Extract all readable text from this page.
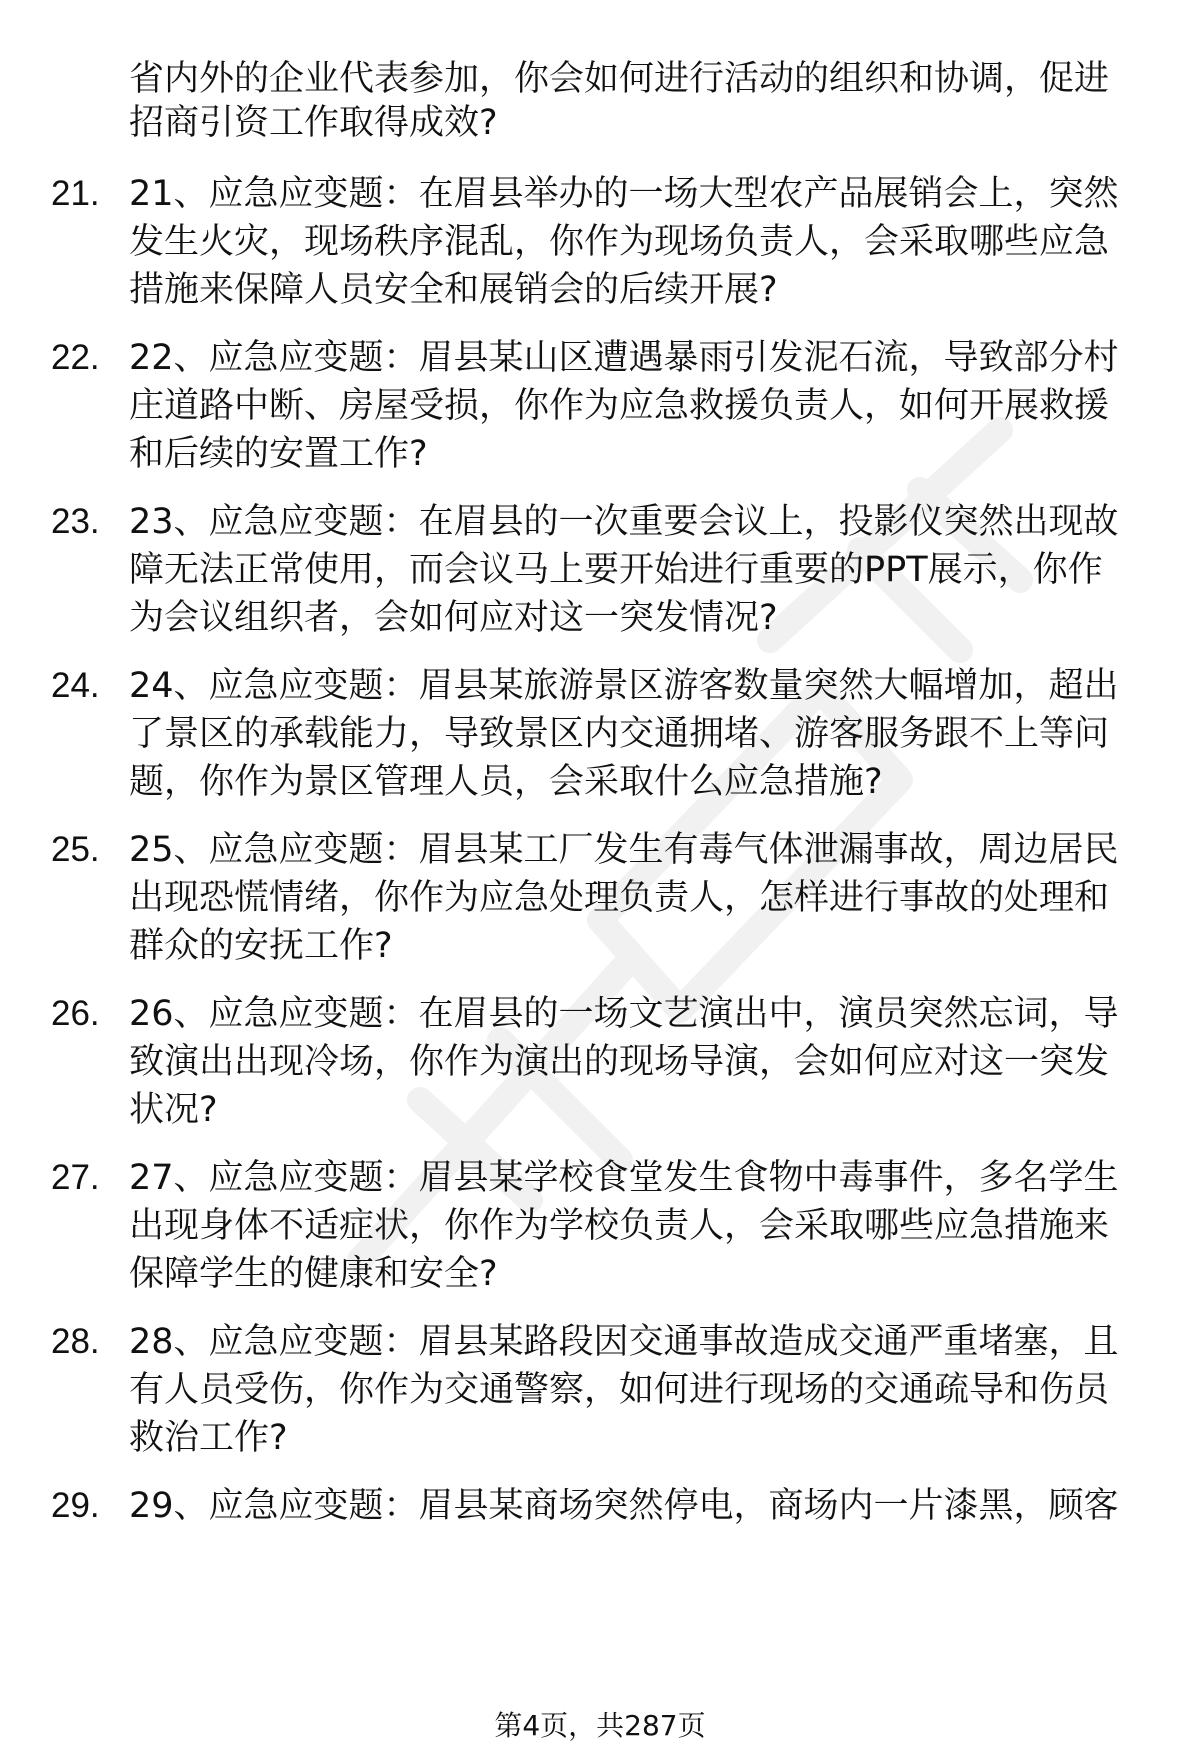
省内外的企业代表参加，你会如何进行活动的组织和协调，促进
招商引资工作取得成效?
21. 21、应急应变题：在眉县举办的一场大型农产品展销会上，突然
发生火灾，现场秩序混乱，你作为现场负责人，会采取哪些应急
措施来保障人员安全和展销会的后续开展?
22. 22、应急应变题：眉县某山区遭遇暴雨引发泥石流，导致部分村
庄道路中断、房屋受损，你作为应急救援负责人，如何开展救援
和后续的安置工作?
23. 23、应急应变题：在眉县的一次重要会议上，投影仪突然出现故
障无法正常使用，而会议马上要开始进行重要的PPT展示，你作
为会议组织者，会如何应对这一突发情况?
24. 24、应急应变题：眉县某旅游景区游客数量突然大幅增加，超出
了景区的承载能力，导致景区内交通拥堵、游客服务跟不上等问
题，你作为景区管理人员，会采取什么应急措施?
25. 25、应急应变题：眉县某工厂发生有毒气体泄漏事故，周边居民
出现恐慌情绪，你作为应急处理负责人，怎样进行事故的处理和
群众的安抚工作?
26. 26、应急应变题：在眉县的一场文艺演出中，演员突然忘词，导
致演出出现冷场，你作为演出的现场导演，会如何应对这一突发
状况?
27. 27、应急应变题：眉县某学校食堂发生食物中毒事件，多名学生
出现身体不适症状，你作为学校负责人，会采取哪些应急措施来
保障学生的健康和安全?
28. 28、应急应变题：眉县某路段因交通事故造成交通严重堵塞，且
有人员受伤，你作为交通警察，如何进行现场的交通疏导和伤员
救治工作?
29. 29、应急应变题：眉县某商场突然停电，商场内一片漆黑，顾客
第4页，共287页
